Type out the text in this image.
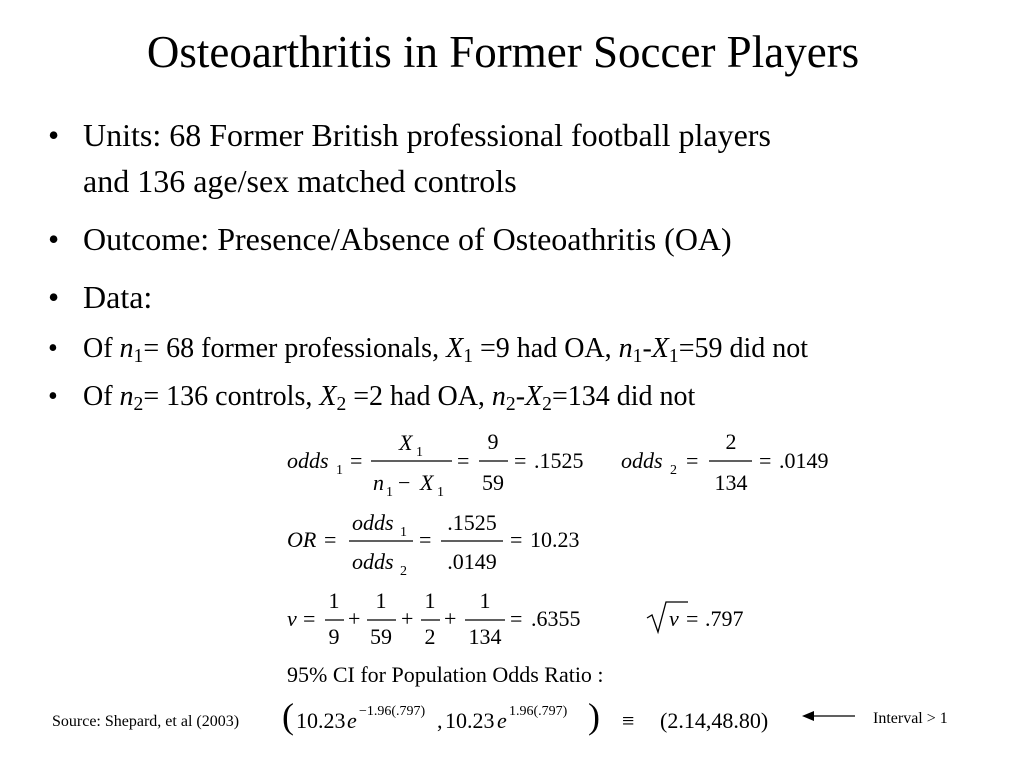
Osteoarthritis in Former Soccer Players
• Units: 68 Former British professional football players
and 136 age/sex matched controls
• Outcome: Presence/Absence of Osteoathritis (OA)
• Data:
• Of $n_1= 68$ former professionals, $X_1 =9$ had OA, $n_1-X_1=59$ did not
• Of $n_2= 136$ controls, $X_2 =2$ had OA, $n_2-X_2=134$ did not
odds 1 =
X 1
n 1 − X 1
=
9
59
= .1525 odds 2 =
2
134
= .0149
OR =
odds 1
odds 2
=
.1525
.0149
= 10.23
v =
1
9
+
1
59
+
1
2
+
1
134
= .6355	v = .797
95% CI for Population Odds Ratio :
( 10.23 e −1.96(.797) , 10.23 e 1.96(.797) ) ≡ (2.14,48.80)	Interval > 1
Source: Shepard, et al (2003)
